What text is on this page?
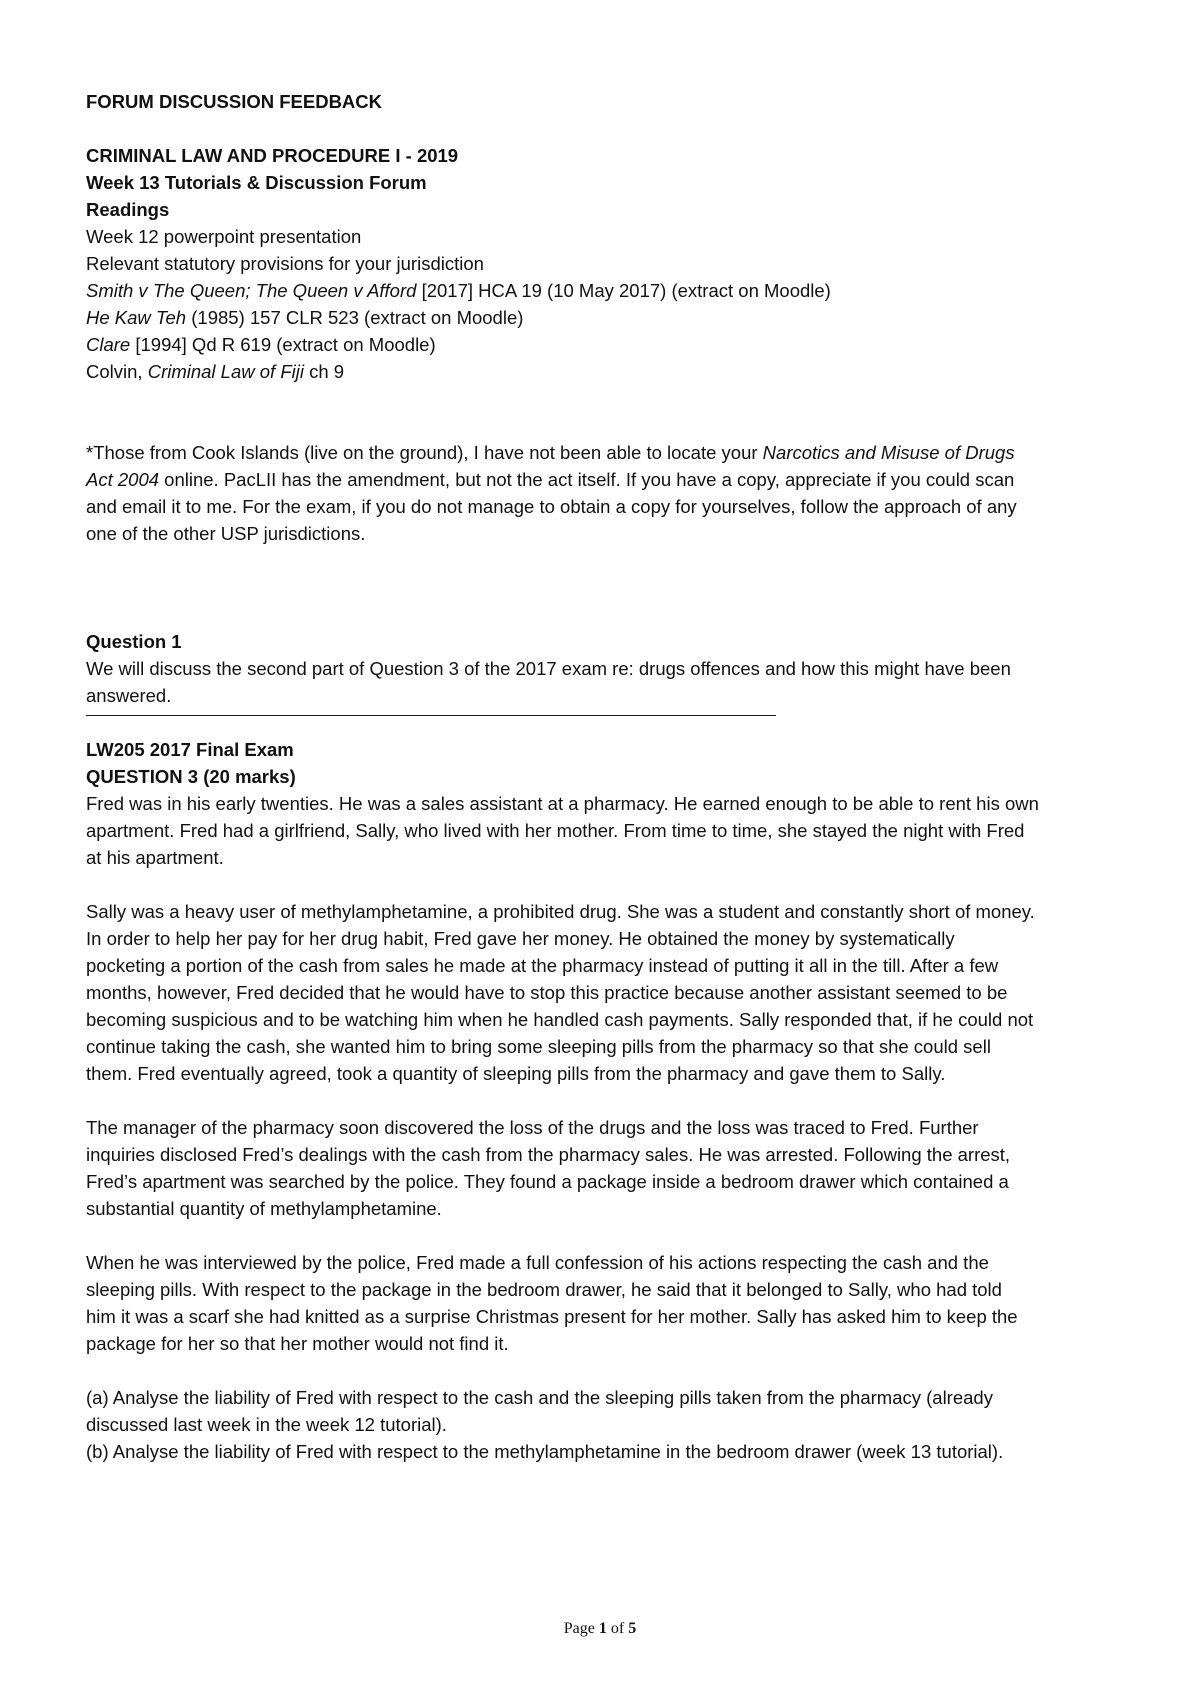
FORUM DISCUSSION FEEDBACK
CRIMINAL LAW AND PROCEDURE I - 2019
Week 13 Tutorials & Discussion Forum
Readings
Week 12 powerpoint presentation
Relevant statutory provisions for your jurisdiction
Smith v The Queen; The Queen v Afford [2017] HCA 19 (10 May 2017) (extract on Moodle)
He Kaw Teh (1985) 157 CLR 523 (extract on Moodle)
Clare [1994] Qd R 619 (extract on Moodle)
Colvin, Criminal Law of Fiji ch 9
*Those from Cook Islands (live on the ground), I have not been able to locate your Narcotics and Misuse of Drugs
Act 2004 online. PacLII has the amendment, but not the act itself. If you have a copy, appreciate if you could scan
and email it to me. For the exam, if you do not manage to obtain a copy for yourselves, follow the approach of any
one of the other USP jurisdictions.
Question 1
We will discuss the second part of Question 3 of the 2017 exam re: drugs offences and how this might have been
answered.
LW205 2017 Final Exam
QUESTION 3 (20 marks)
Fred was in his early twenties. He was a sales assistant at a pharmacy. He earned enough to be able to rent his own
apartment. Fred had a girlfriend, Sally, who lived with her mother. From time to time, she stayed the night with Fred
at his apartment.
Sally was a heavy user of methylamphetamine, a prohibited drug. She was a student and constantly short of money.
In order to help her pay for her drug habit, Fred gave her money. He obtained the money by systematically
pocketing a portion of the cash from sales he made at the pharmacy instead of putting it all in the till. After a few
months, however, Fred decided that he would have to stop this practice because another assistant seemed to be
becoming suspicious and to be watching him when he handled cash payments. Sally responded that, if he could not
continue taking the cash, she wanted him to bring some sleeping pills from the pharmacy so that she could sell
them. Fred eventually agreed, took a quantity of sleeping pills from the pharmacy and gave them to Sally.
The manager of the pharmacy soon discovered the loss of the drugs and the loss was traced to Fred. Further
inquiries disclosed Fred’s dealings with the cash from the pharmacy sales. He was arrested. Following the arrest,
Fred’s apartment was searched by the police. They found a package inside a bedroom drawer which contained a
substantial quantity of methylamphetamine.
When he was interviewed by the police, Fred made a full confession of his actions respecting the cash and the
sleeping pills. With respect to the package in the bedroom drawer, he said that it belonged to Sally, who had told
him it was a scarf she had knitted as a surprise Christmas present for her mother. Sally has asked him to keep the
package for her so that her mother would not find it.
(a) Analyse the liability of Fred with respect to the cash and the sleeping pills taken from the pharmacy (already
discussed last week in the week 12 tutorial).
(b) Analyse the liability of Fred with respect to the methylamphetamine in the bedroom drawer (week 13 tutorial).
Page 1 of 5
